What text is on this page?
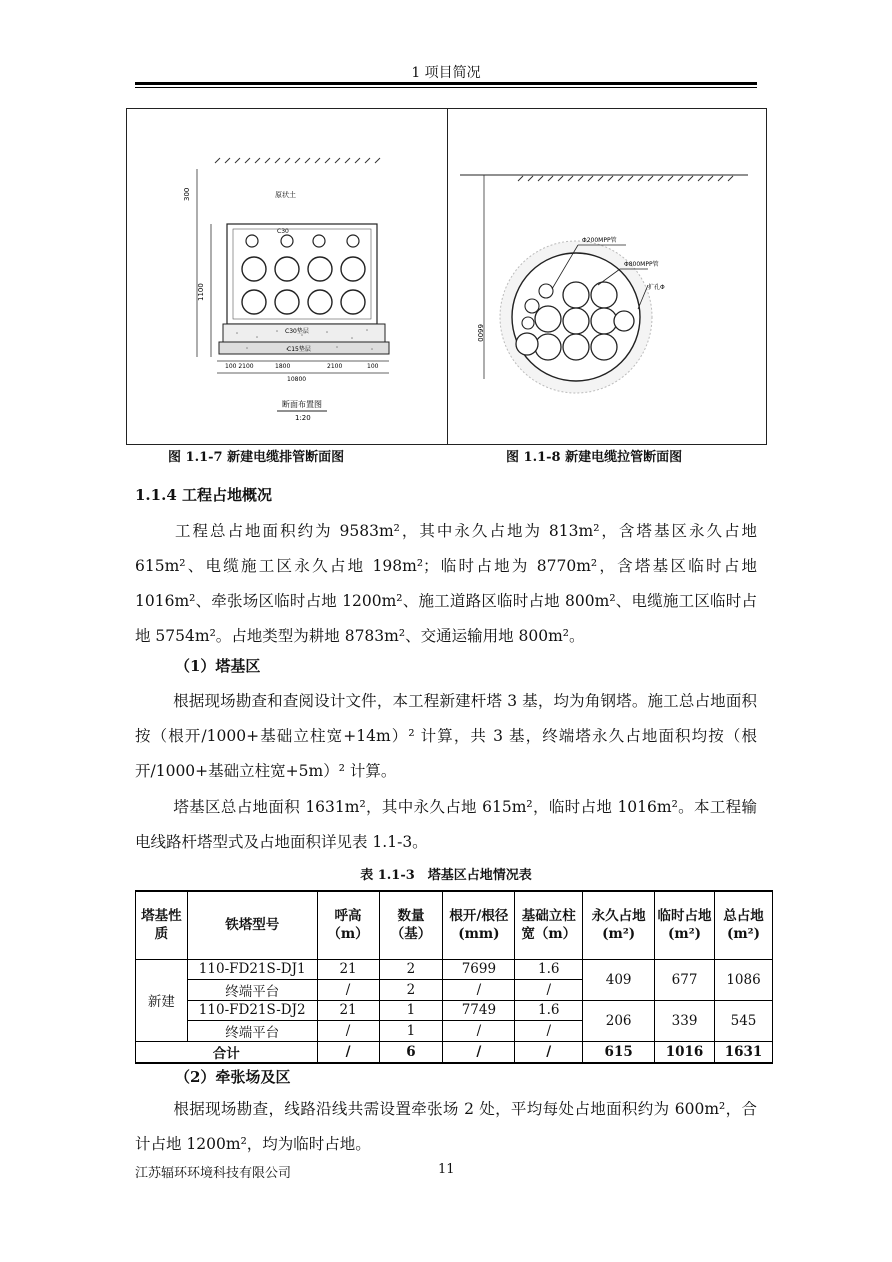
1 项目简况
原状土
300
1100
C30
C30垫层
C15垫层
100 2100	1800	2100	100
10800
断面布置图
1:20
6600
Φ200MPP管
Φ800MPP管
扩孔Φ
图 1.1-7 新建电缆排管断面图	图 1.1-8 新建电缆拉管断面图
1.1.4 工程占地概况
工程总占地面积约为 9583m²，其中永久占地为 813m²，含塔基区永久占地 615m²、电缆施工区永久占地 198m²；临时占地为 8770m²，含塔基区临时占地 1016m²、牵张场区临时占地 1200m²、施工道路区临时占地 800m²、电缆施工区临时占地 5754m²。占地类型为耕地 8783m²、交通运输用地 800m²。
（1）塔基区
根据现场勘查和查阅设计文件，本工程新建杆塔 3 基，均为角钢塔。施工总占地面积按（根开/1000+基础立柱宽+14m）² 计算，共 3 基，终端塔永久占地面积均按（根开/1000+基础立柱宽+5m）² 计算。
塔基区总占地面积 1631m²，其中永久占地 615m²，临时占地 1016m²。本工程输电线路杆塔型式及占地面积详见表 1.1-3。
表 1.1-3　塔基区占地情况表
塔基性质	铁塔型号	呼高（m）	数量（基）	根开/根径(mm)	基础立柱宽（m）	永久占地(m²)	临时占地(m²)	总占地(m²)
新建	110-FD21S-DJ1	21	2	7699	1.6	409	677	1086
	终端平台	/	2	/	/			
	110-FD21S-DJ2	21	1	7749	1.6	206	339	545
	终端平台	/	1	/	/			
合计		/	6	/	/	615	1016	1631
（2）牵张场及区
根据现场勘查，线路沿线共需设置牵张场 2 处，平均每处占地面积约为 600m²，合计占地 1200m²，均为临时占地。
江苏辐环环境科技有限公司	11
